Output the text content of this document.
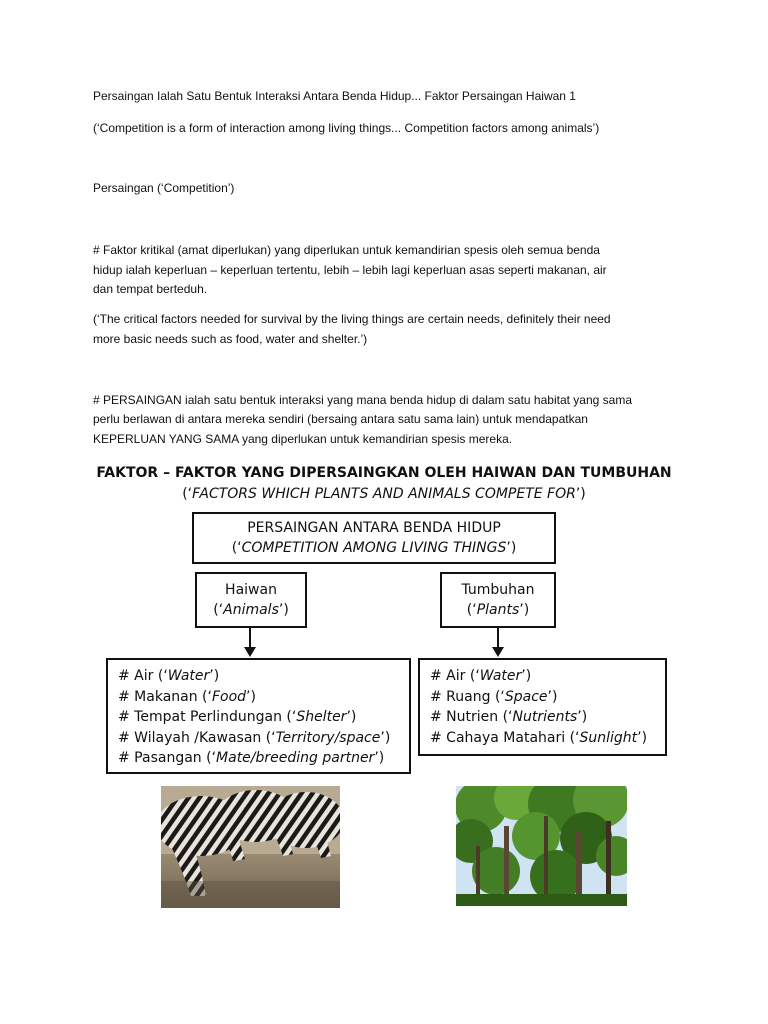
Persaingan Ialah Satu Bentuk Interaksi Antara Benda Hidup... Faktor Persaingan Haiwan 1
(‘Competition is a form of interaction among living things... Competition factors among animals’)
Persaingan (‘Competition’)
# Faktor kritikal (amat diperlukan) yang diperlukan untuk kemandirian spesis oleh semua benda
hidup ialah keperluan – keperluan tertentu, lebih – lebih lagi keperluan asas seperti makanan, air
dan tempat berteduh.
(‘The critical factors needed for survival by the living things are certain needs, definitely their need
more basic needs such as food, water and shelter.’)
# PERSAINGAN ialah satu bentuk interaksi yang mana benda hidup di dalam satu habitat yang sama
perlu berlawan di antara mereka sendiri (bersaing antara satu sama lain) untuk mendapatkan
KEPERLUAN YANG SAMA yang diperlukan untuk kemandirian spesis mereka.
FAKTOR – FAKTOR YANG DIPERSAINGKAN OLEH HAIWAN DAN TUMBUHAN
(‘FACTORS WHICH PLANTS AND ANIMALS COMPETE FOR’)
PERSAINGAN ANTARA BENDA HIDUP
(‘COMPETITION AMONG LIVING THINGS’)
Haiwan
(‘Animals’)
Tumbuhan
(‘Plants’)
# Air (‘Water’)
# Makanan (‘Food’)
# Tempat Perlindungan (‘Shelter’)
# Wilayah /Kawasan (‘Territory/space’)
# Pasangan (‘Mate/breeding partner’)
# Air (‘Water’)
# Ruang (‘Space’)
# Nutrien (‘Nutrients’)
# Cahaya Matahari (‘Sunlight’)
